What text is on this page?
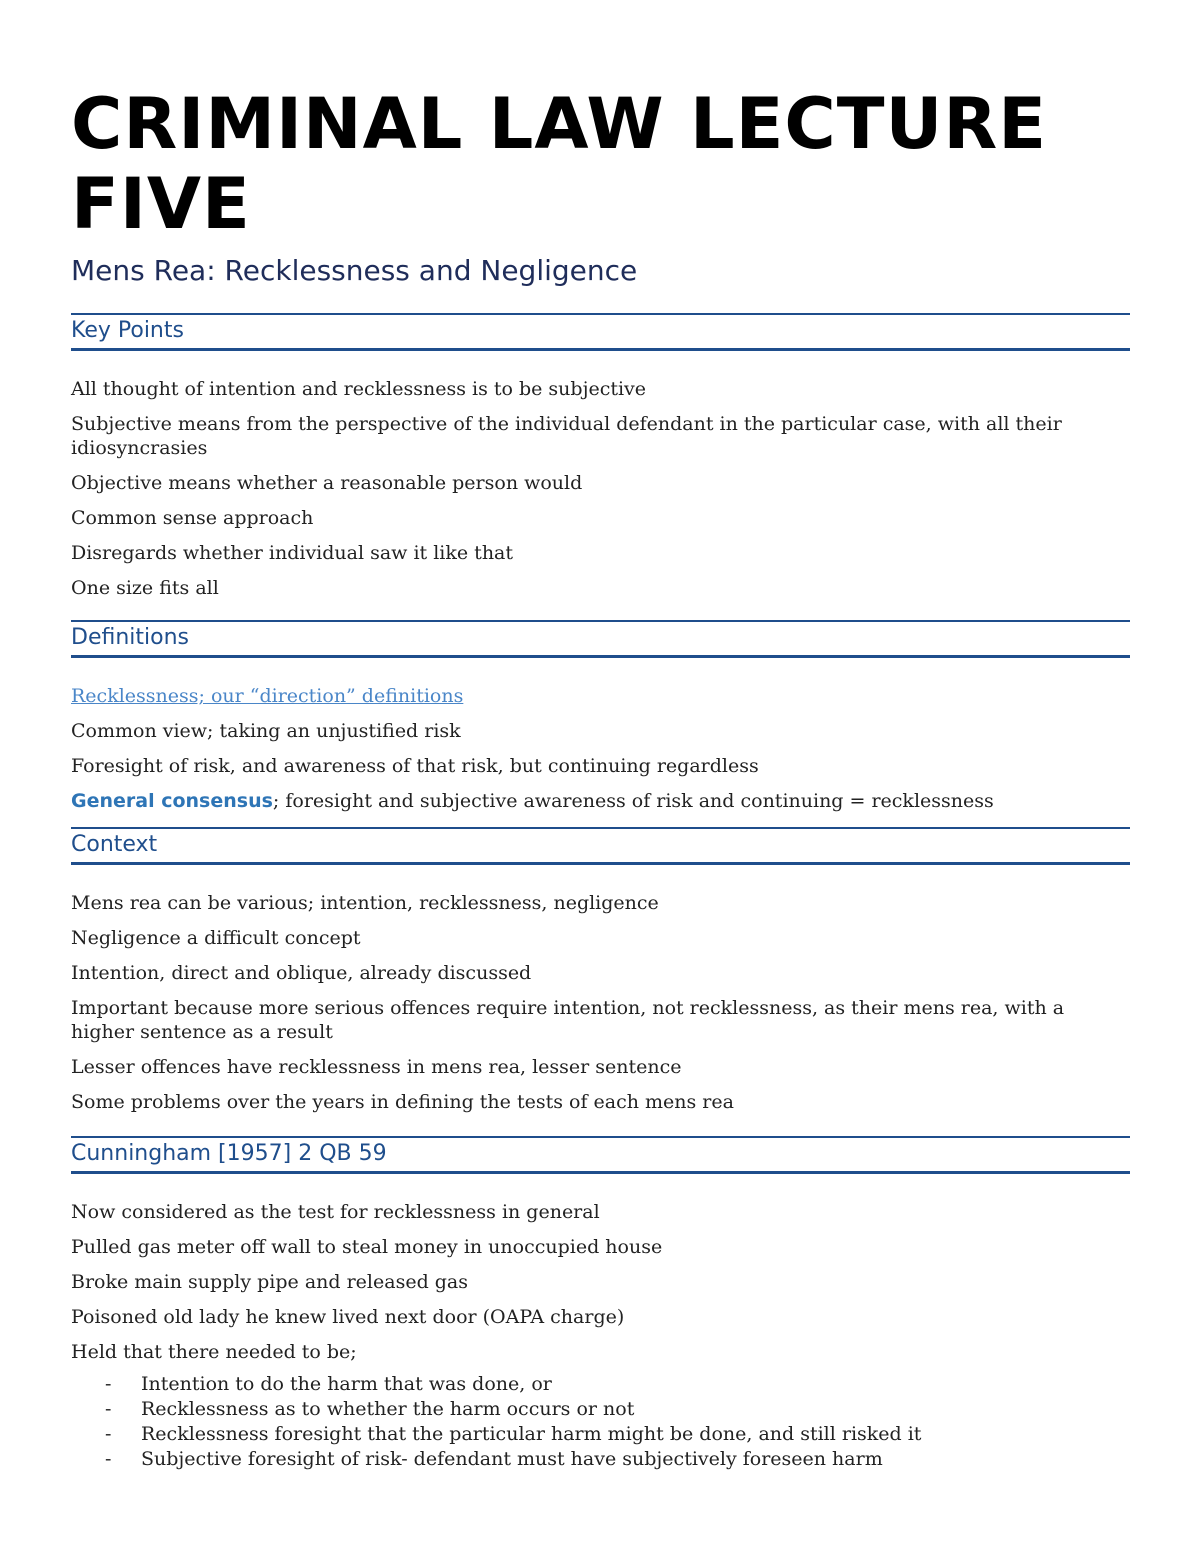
CRIMINAL LAW LECTURE FIVE
Mens Rea: Recklessness and Negligence
Key Points

All thought of intention and recklessness is to be subjective

Subjective means from the perspective of the individual defendant in the particular case, with all their idiosyncrasies

Objective means whether a reasonable person would

Common sense approach

Disregards whether individual saw it like that

One size fits all

Definitions

Recklessness; our “direction” definitions

Common view; taking an unjustified risk

Foresight of risk, and awareness of that risk, but continuing regardless

General consensus; foresight and subjective awareness of risk and continuing = recklessness

Context

Mens rea can be various; intention, recklessness, negligence

Negligence a difficult concept

Intention, direct and oblique, already discussed

Important because more serious offences require intention, not recklessness, as their mens rea, with a higher sentence as a result

Lesser offences have recklessness in mens rea, lesser sentence

Some problems over the years in defining the tests of each mens rea

Cunningham [1957] 2 QB 59

Now considered as the test for recklessness in general

Pulled gas meter off wall to steal money in unoccupied house

Broke main supply pipe and released gas

Poisoned old lady he knew lived next door (OAPA charge)

Held that there needed to be;

- Intention to do the harm that was done, or
- Recklessness as to whether the harm occurs or not
- Recklessness foresight that the particular harm might be done, and still risked it
- Subjective foresight of risk- defendant must have subjectively foreseen harm
